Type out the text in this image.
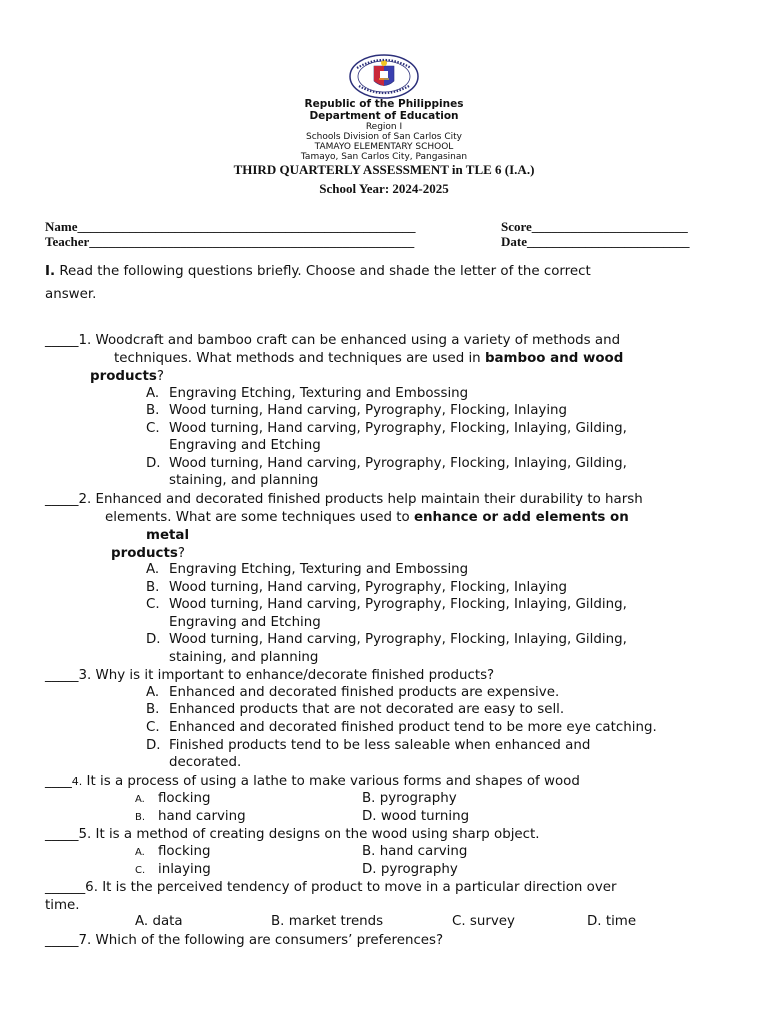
Republic of the Philippines
Department of Education
Region I
Schools Division of San Carlos City
TAMAYO ELEMENTARY SCHOOL
Tamayo, San Carlos City, Pangasinan
THIRD QUARTERLY ASSESSMENT in TLE 6 (I.A.)
School Year: 2024-2025
Name____________________________________________________	Score________________________
Teacher__________________________________________________	Date_________________________
I. Read the following questions briefly. Choose and shade the letter of the correct
answer.
_____1. Woodcraft and bamboo craft can be enhanced using a variety of methods and
techniques. What methods and techniques are used in bamboo and wood
products?
A. Engraving Etching, Texturing and Embossing
B. Wood turning, Hand carving, Pyrography, Flocking, Inlaying
C. Wood turning, Hand carving, Pyrography, Flocking, Inlaying, Gilding,
Engraving and Etching
D. Wood turning, Hand carving, Pyrography, Flocking, Inlaying, Gilding,
staining, and planning
_____2. Enhanced and decorated finished products help maintain their durability to harsh
elements. What are some techniques used to enhance or add elements on
metal
products?
A. Engraving Etching, Texturing and Embossing
B. Wood turning, Hand carving, Pyrography, Flocking, Inlaying
C. Wood turning, Hand carving, Pyrography, Flocking, Inlaying, Gilding,
Engraving and Etching
D. Wood turning, Hand carving, Pyrography, Flocking, Inlaying, Gilding,
staining, and planning
_____3. Why is it important to enhance/decorate finished products?
A. Enhanced and decorated finished products are expensive.
B. Enhanced products that are not decorated are easy to sell.
C. Enhanced and decorated finished product tend to be more eye catching.
D. Finished products tend to be less saleable when enhanced and
decorated.
____4. It is a process of using a lathe to make various forms and shapes of wood
A. flocking	B. pyrography
B. hand carving	D. wood turning
_____5. It is a method of creating designs on the wood using sharp object.
A. flocking	B. hand carving
C. inlaying	D. pyrography
______6. It is the perceived tendency of product to move in a particular direction over
time.
A. data	B. market trends	C. survey	D. time
_____7. Which of the following are consumers’ preferences?
